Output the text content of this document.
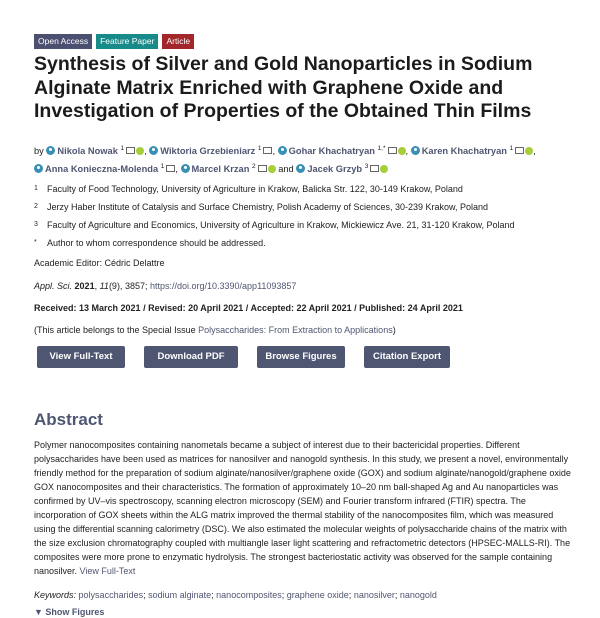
Open Access	Feature Paper	Article
Synthesis of Silver and Gold Nanoparticles in Sodium Alginate Matrix Enriched with Graphene Oxide and Investigation of Properties of the Obtained Thin Films
by Nikola Nowak $^1$ , Wiktoria Grzebieniarz $^1$ , Gohar Khachatryan $^{1,*}$ , Karen Khachatryan $^1$ , Anna Konieczna-Molenda $^1$ , Marcel Krzan $^2$ and Jacek Grzyb $^3$
1 Faculty of Food Technology, University of Agriculture in Krakow, Balicka Str. 122, 30-149 Krakow, Poland
2 Jerzy Haber Institute of Catalysis and Surface Chemistry, Polish Academy of Sciences, 30-239 Krakow, Poland
3 Faculty of Agriculture and Economics, University of Agriculture in Krakow, Mickiewicz Ave. 21, 31-120 Krakow, Poland
* Author to whom correspondence should be addressed.
Academic Editor: Cédric Delattre
Appl. Sci. 2021, 11(9), 3857; https://doi.org/10.3390/app11093857
Received: 13 March 2021 / Revised: 20 April 2021 / Accepted: 22 April 2021 / Published: 24 April 2021
(This article belongs to the Special Issue Polysaccharides: From Extraction to Applications)
View Full-Text	Download PDF	Browse Figures	Citation Export
Abstract

Polymer nanocomposites containing nanometals became a subject of interest due to their bactericidal properties. Different polysaccharides have been used as matrices for nanosilver and nanogold synthesis. In this study, we present a novel, environmentally friendly method for the preparation of sodium alginate/nanosilver/graphene oxide (GOX) and sodium alginate/nanogold/graphene oxide GOX nanocomposites and their characteristics. The formation of approximately 10–20 nm ball-shaped Ag and Au nanoparticles was confirmed by UV–vis spectroscopy, scanning electron microscopy (SEM) and Fourier transform infrared (FTIR) spectra. The incorporation of GOX sheets within the ALG matrix improved the thermal stability of the nanocomposites film, which was measured using the differential scanning calorimetry (DSC). We also estimated the molecular weights of polysaccharide chains of the matrix with the size exclusion chromatography coupled with multiangle laser light scattering and refractometric detectors (HPSEC-MALLS-RI). The composites were more prone to enzymatic hydrolysis. The strongest bacteriostatic activity was observed for the sample containing nanosilver. View Full-Text

Keywords: polysaccharides; sodium alginate; nanocomposites; graphene oxide; nanosilver; nanogold
▼ Show Figures
